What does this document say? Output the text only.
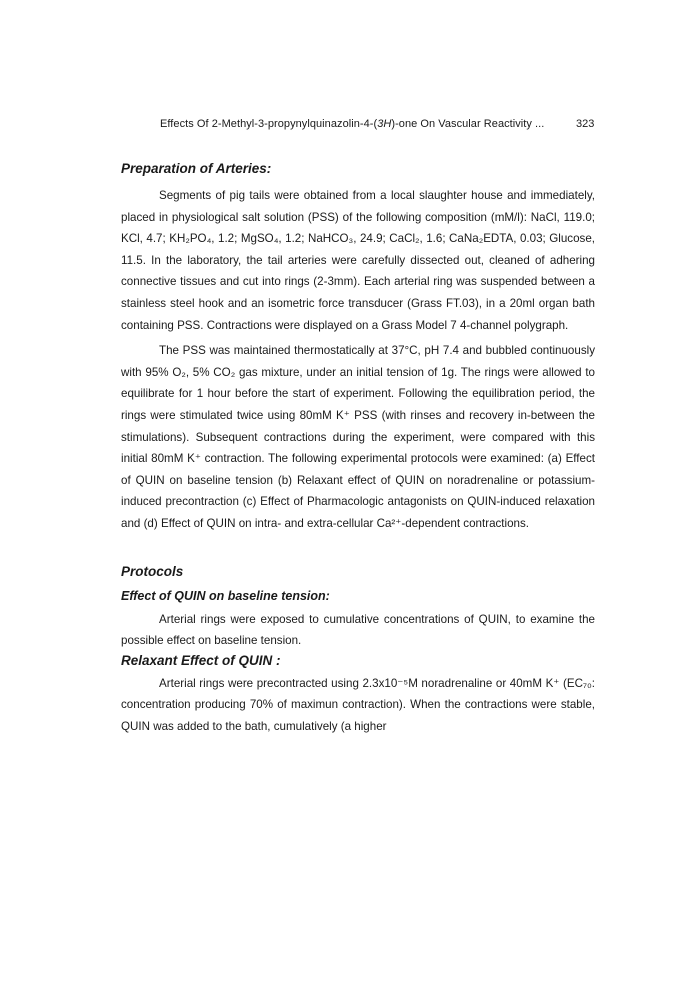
Effects Of 2-Methyl-3-propynylquinazolin-4-(3H)-one On Vascular Reactivity ...	323
Preparation of Arteries:

Segments of pig tails were obtained from a local slaughter house and immediately, placed in physiological salt solution (PSS) of the following composition (mM/l): NaCl, 119.0; KCl, 4.7; KH₂PO₄, 1.2; MgSO₄, 1.2; NaHCO₃, 24.9; CaCl₂, 1.6; CaNa₂EDTA, 0.03; Glucose, 11.5. In the laboratory, the tail arteries were carefully dissected out, cleaned of adhering connective tissues and cut into rings (2-3mm). Each arterial ring was suspended between a stainless steel hook and an isometric force transducer (Grass FT.03), in a 20ml organ bath containing PSS. Contractions were displayed on a Grass Model 7 4-channel polygraph.

The PSS was maintained thermostatically at 37°C, pH 7.4 and bubbled continuously with 95% O₂, 5% CO₂ gas mixture, under an initial tension of 1g. The rings were allowed to equilibrate for 1 hour before the start of experiment. Following the equilibration period, the rings were stimulated twice using 80mM K⁺ PSS (with rinses and recovery in-between the stimulations). Subsequent contractions during the experiment, were compared with this initial 80mM K⁺ contraction. The following experimental protocols were examined: (a) Effect of QUIN on baseline tension (b) Relaxant effect of QUIN on noradrenaline or potassium-induced precontraction (c) Effect of Pharmacologic antagonists on QUIN-induced relaxation and (d) Effect of QUIN on intra- and extra-cellular Ca²⁺-dependent contractions.

Protocols
Effect of QUIN on baseline tension:

Arterial rings were exposed to cumulative concentrations of QUIN, to examine the possible effect on baseline tension.

Relaxant Effect of QUIN :

Arterial rings were precontracted using 2.3x10⁻⁵M noradrenaline or 40mM K⁺ (EC₇₀: concentration producing 70% of maximun contraction). When the contractions were stable, QUIN was added to the bath, cumulatively (a higher
